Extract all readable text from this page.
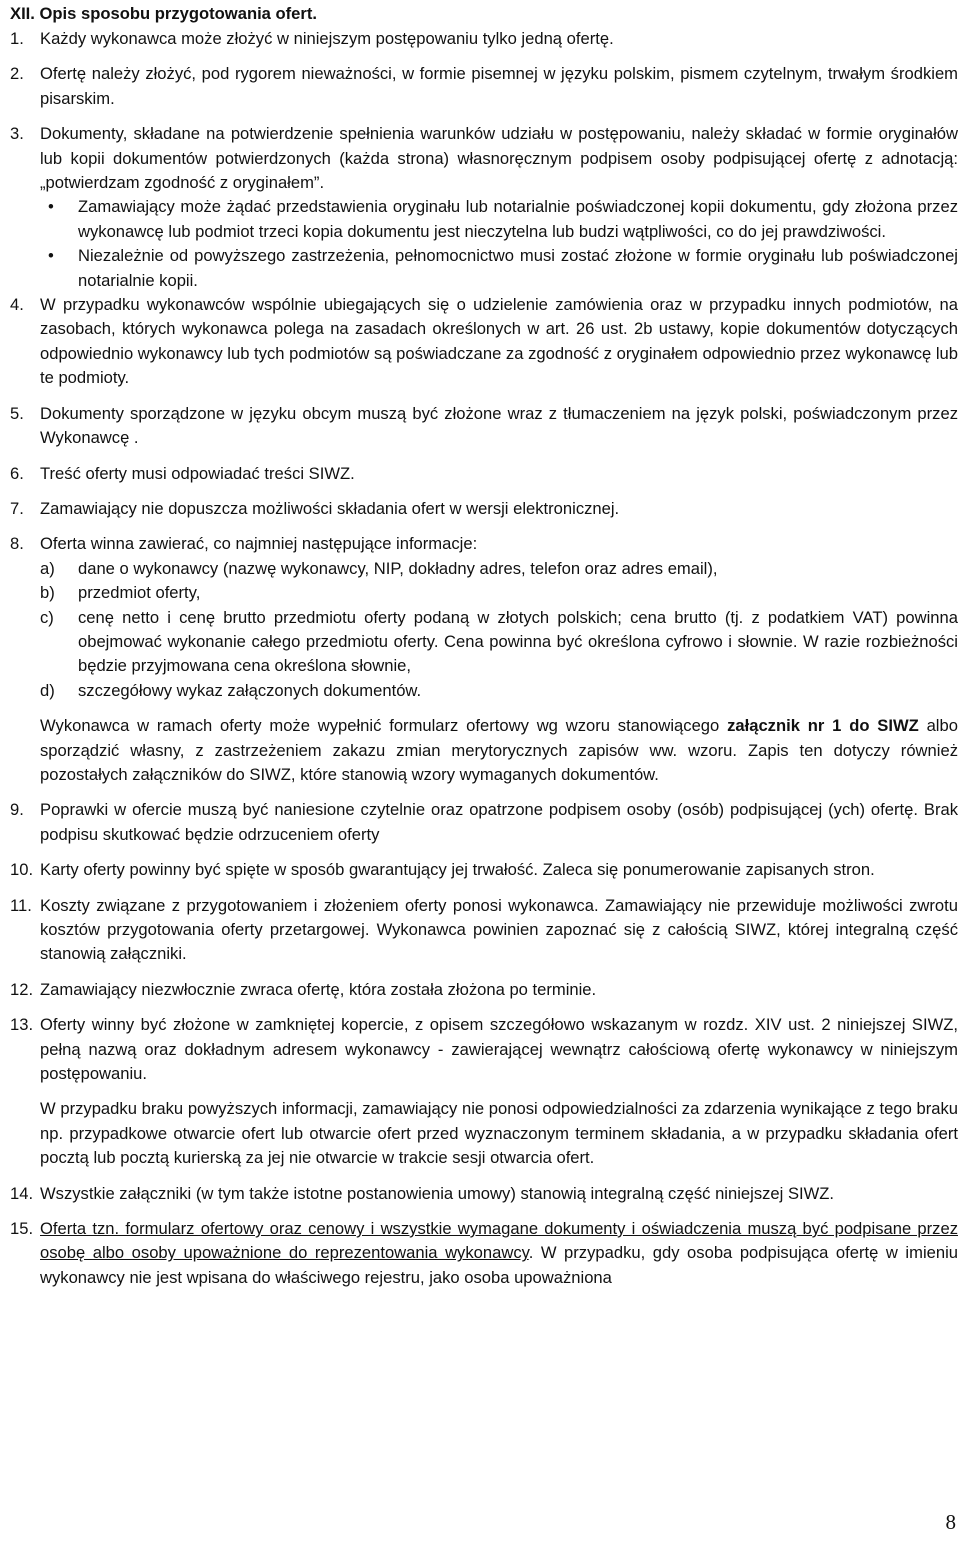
XII. Opis sposobu przygotowania ofert.
1. Każdy wykonawca może złożyć w niniejszym postępowaniu tylko jedną ofertę.
2. Ofertę należy złożyć, pod rygorem nieważności, w formie pisemnej w języku polskim, pismem czytelnym, trwałym środkiem pisarskim.
3. Dokumenty, składane na potwierdzenie spełnienia warunków udziału w postępowaniu, należy składać w formie oryginałów lub kopii dokumentów potwierdzonych (każda strona) własnoręcznym podpisem osoby podpisującej ofertę z adnotacją: „potwierdzam zgodność z oryginałem”.
• Zamawiający może żądać przedstawienia oryginału lub notarialnie poświadczonej kopii dokumentu, gdy złożona przez wykonawcę lub podmiot trzeci kopia dokumentu jest nieczytelna lub budzi wątpliwości, co do jej prawdziwości.
• Niezależnie od powyższego zastrzeżenia, pełnomocnictwo musi zostać złożone w formie oryginału lub poświadczonej notarialnie kopii.
4. W przypadku wykonawców wspólnie ubiegających się o udzielenie zamówienia oraz w przypadku innych podmiotów, na zasobach, których wykonawca polega na zasadach określonych w art. 26 ust. 2b ustawy, kopie dokumentów dotyczących odpowiednio wykonawcy lub tych podmiotów są poświadczane za zgodność z oryginałem odpowiednio przez wykonawcę lub te podmioty.
5. Dokumenty sporządzone w języku obcym muszą być złożone wraz z tłumaczeniem na język polski, poświadczonym przez Wykonawcę .
6. Treść oferty musi odpowiadać treści SIWZ.
7. Zamawiający nie dopuszcza możliwości składania ofert w wersji elektronicznej.
8. Oferta winna zawierać, co najmniej następujące informacje:
a) dane o wykonawcy (nazwę wykonawcy, NIP, dokładny adres, telefon oraz adres email),
b) przedmiot oferty,
c) cenę netto i cenę brutto przedmiotu oferty podaną w złotych polskich; cena brutto (tj. z podatkiem VAT) powinna obejmować wykonanie całego przedmiotu oferty. Cena powinna być określona cyfrowo i słownie. W razie rozbieżności będzie przyjmowana cena określona słownie,
d) szczegółowy wykaz załączonych dokumentów.
Wykonawca w ramach oferty może wypełnić formularz ofertowy wg wzoru stanowiącego załącznik nr 1 do SIWZ albo sporządzić własny, z zastrzeżeniem zakazu zmian merytorycznych zapisów ww. wzoru. Zapis ten dotyczy również pozostałych załączników do SIWZ, które stanowią wzory wymaganych dokumentów.
9. Poprawki w ofercie muszą być naniesione czytelnie oraz opatrzone podpisem osoby (osób) podpisującej (ych) ofertę. Brak podpisu skutkować będzie odrzuceniem oferty
10. Karty oferty powinny być spięte w sposób gwarantujący jej trwałość. Zaleca się ponumerowanie zapisanych stron.
11. Koszty związane z przygotowaniem i złożeniem oferty ponosi wykonawca. Zamawiający nie przewiduje możliwości zwrotu kosztów przygotowania oferty przetargowej. Wykonawca powinien zapoznać się z całością SIWZ, której integralną część stanowią załączniki.
12. Zamawiający niezwłocznie zwraca ofertę, która została złożona po terminie.
13. Oferty winny być złożone w zamkniętej kopercie, z opisem szczegółowo wskazanym w rozdz. XIV ust. 2 niniejszej SIWZ, pełną nazwą oraz dokładnym adresem wykonawcy - zawierającej wewnątrz całościową ofertę wykonawcy w niniejszym postępowaniu.
W przypadku braku powyższych informacji, zamawiający nie ponosi odpowiedzialności za zdarzenia wynikające z tego braku np. przypadkowe otwarcie ofert lub otwarcie ofert przed wyznaczonym terminem składania, a w przypadku składania ofert pocztą lub pocztą kurierską za jej nie otwarcie w trakcie sesji otwarcia ofert.
14. Wszystkie załączniki (w tym także istotne postanowienia umowy) stanowią integralną część niniejszej SIWZ.
15. Oferta tzn. formularz ofertowy oraz cenowy i wszystkie wymagane dokumenty i oświadczenia muszą być podpisane przez osobę albo osoby upoważnione do reprezentowania wykonawcy. W przypadku, gdy osoba podpisująca ofertę w imieniu wykonawcy nie jest wpisana do właściwego rejestru, jako osoba upoważniona
8
